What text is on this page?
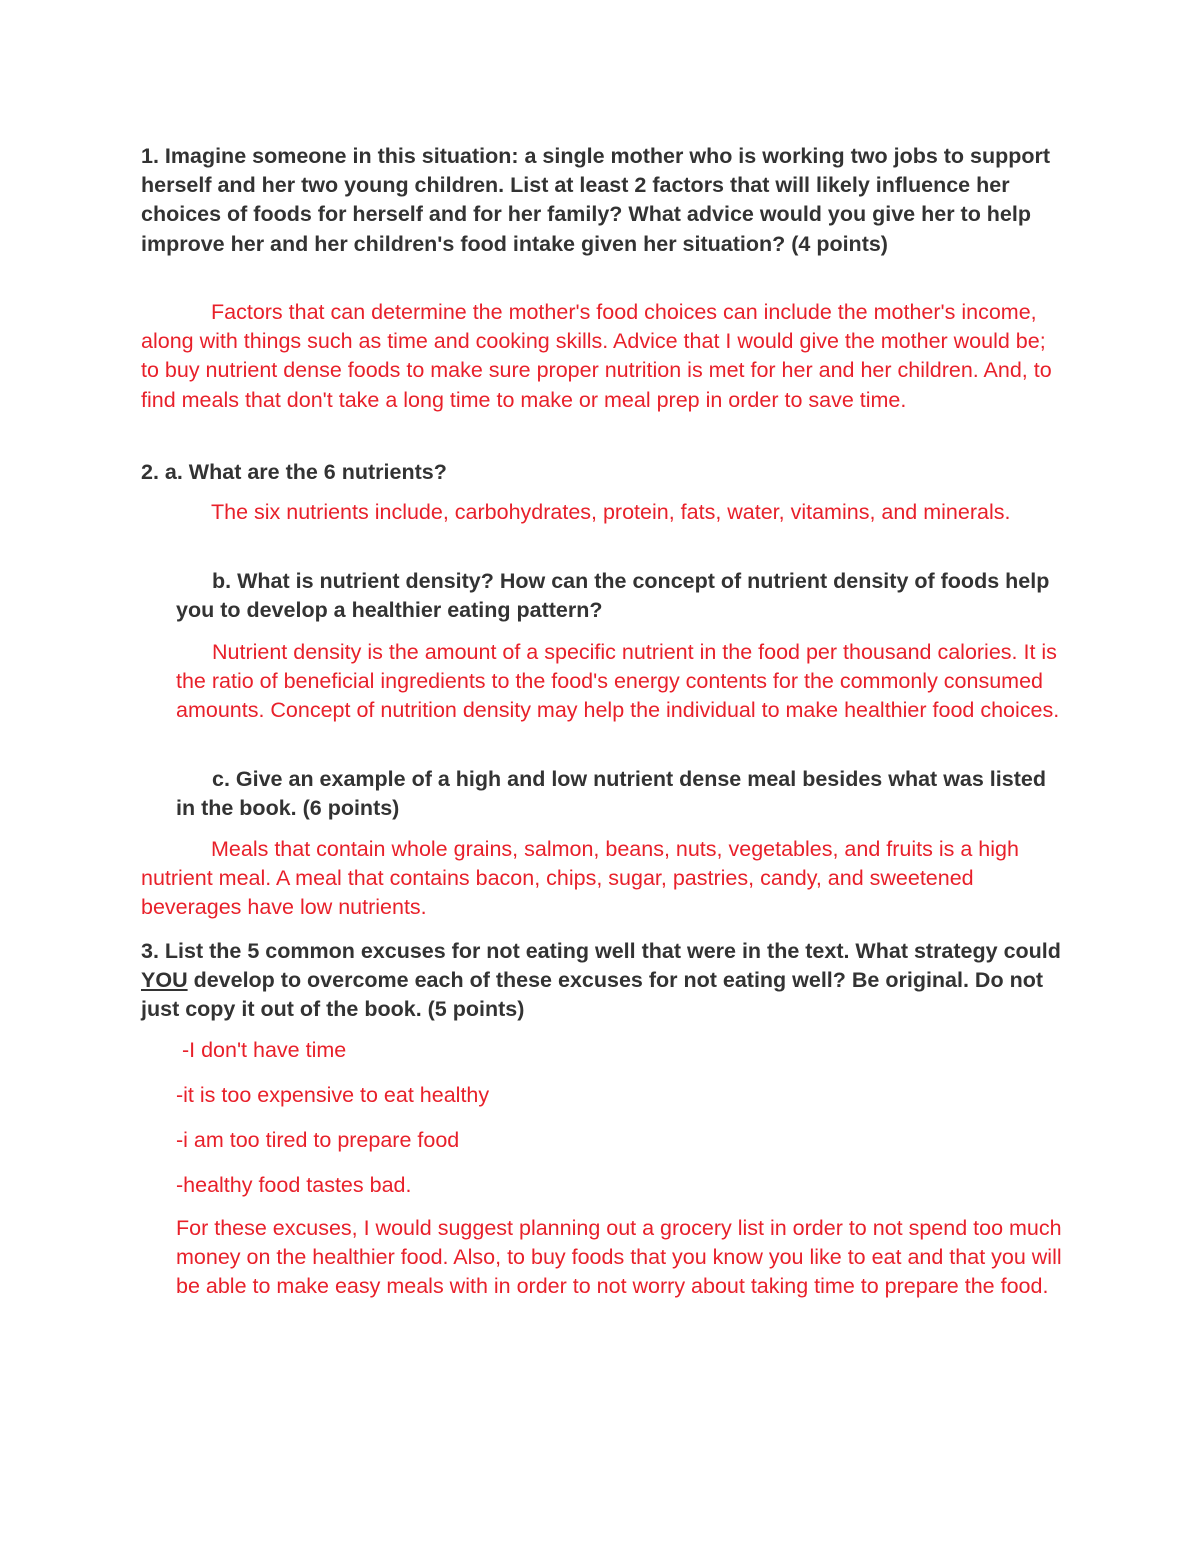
1. Imagine someone in this situation: a single mother who is working two jobs to support herself and her two young children. List at least 2 factors that will likely influence her choices of foods for herself and for her family? What advice would you give her to help improve her and her children's food intake given her situation? (4 points)

Factors that can determine the mother's food choices can include the mother's income, along with things such as time and cooking skills. Advice that I would give the mother would be; to buy nutrient dense foods to make sure proper nutrition is met for her and her children. And, to find meals that don't take a long time to make or meal prep in order to save time.

2. a. What are the 6 nutrients?

The six nutrients include, carbohydrates, protein, fats, water, vitamins, and minerals.

b. What is nutrient density? How can the concept of nutrient density of foods help you to develop a healthier eating pattern?

Nutrient density is the amount of a specific nutrient in the food per thousand calories. It is the ratio of beneficial ingredients to the food's energy contents for the commonly consumed amounts. Concept of nutrition density may help the individual to make healthier food choices.

c. Give an example of a high and low nutrient dense meal besides what was listed in the book. (6 points)

Meals that contain whole grains, salmon, beans, nuts, vegetables, and fruits is a high nutrient meal. A meal that contains bacon, chips, sugar, pastries, candy, and sweetened beverages have low nutrients.

3. List the 5 common excuses for not eating well that were in the text. What strategy could YOU develop to overcome each of these excuses for not eating well? Be original. Do not just copy it out of the book. (5 points)

-I don't have time

-it is too expensive to eat healthy

-i am too tired to prepare food

-healthy food tastes bad.

For these excuses, I would suggest planning out a grocery list in order to not spend too much money on the healthier food. Also, to buy foods that you know you like to eat and that you will be able to make easy meals with in order to not worry about taking time to prepare the food.
